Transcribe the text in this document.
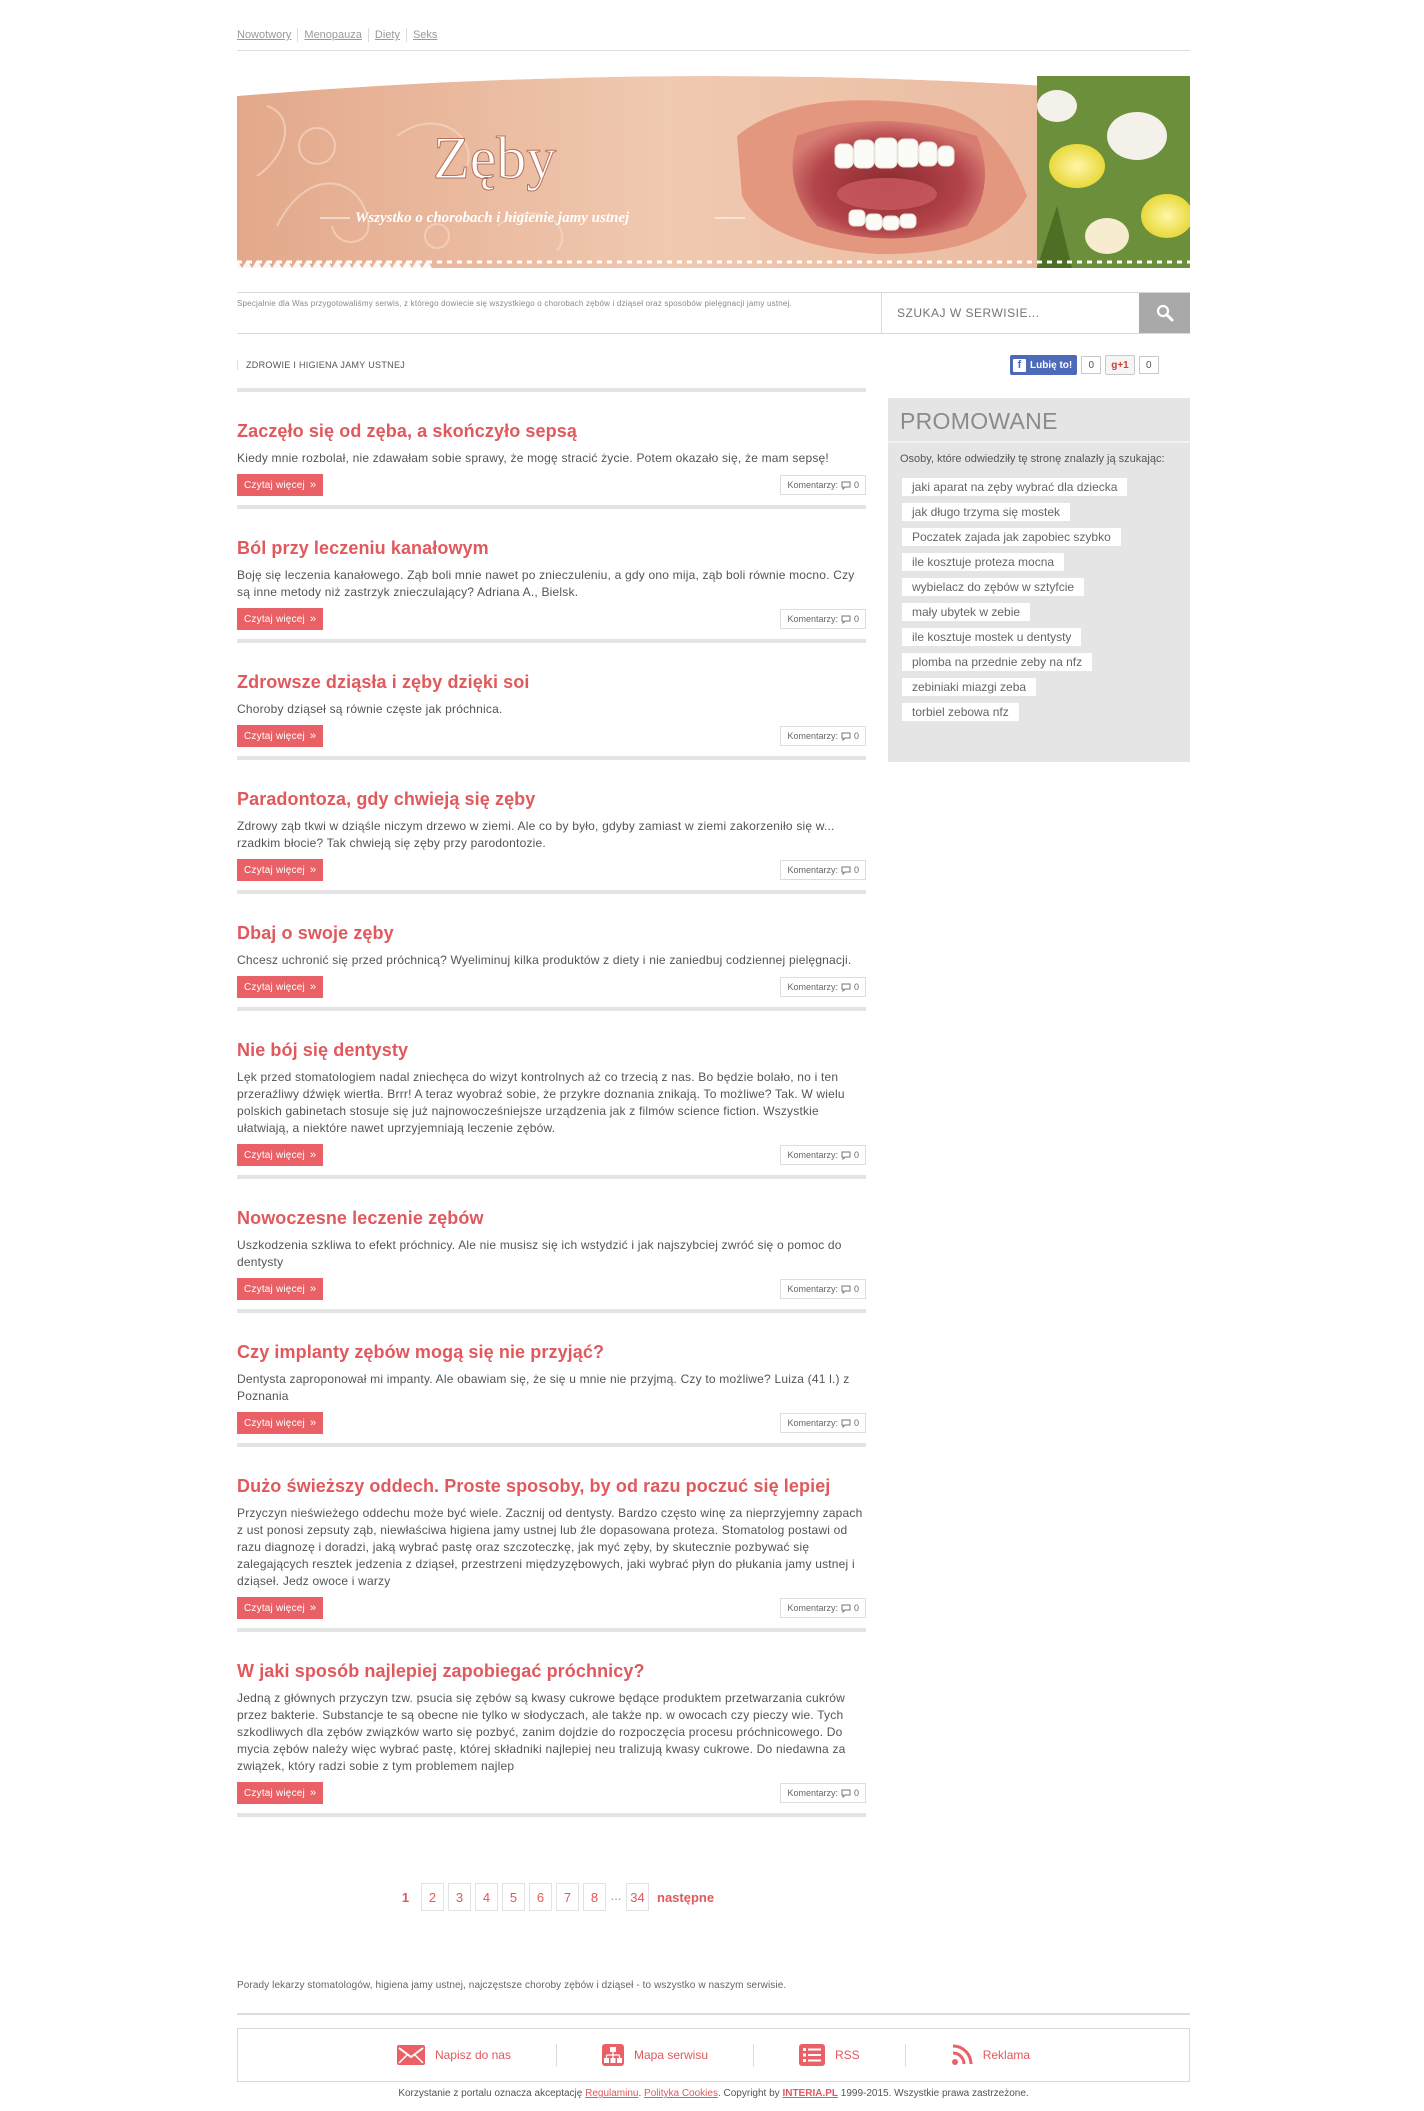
Nowotwory	Menopauza	Diety	Seks
Zęby
Wszystko o chorobach i higienie jamy ustnej
Specjalnie dla Was przygotowaliśmy serwis, z którego dowiecie się wszystkiego o chorobach zębów i dziąseł oraz sposobów pielęgnacji jamy ustnej.
SZUKAJ W SERWISIE...
ZDROWIE I HIGIENA JAMY USTNEJ	f Lubię to!	0	g +1	0
Zaczęło się od zęba, a skończyło sepsą
Kiedy mnie rozbolał, nie zdawałam sobie sprawy, że mogę stracić życie. Potem okazało się, że mam sepsę!
Czytaj więcej »	Komentarzy: 0
Ból przy leczeniu kanałowym
Boję się leczenia kanałowego. Ząb boli mnie nawet po znieczuleniu, a gdy ono mija, ząb boli równie mocno. Czy są inne metody niż zastrzyk znieczulający? Adriana A., Bielsk.
Czytaj więcej »	Komentarzy: 0
Zdrowsze dziąsła i zęby dzięki soi
Choroby dziąseł są równie częste jak próchnica.
Czytaj więcej »	Komentarzy: 0
Paradontoza, gdy chwieją się zęby
Zdrowy ząb tkwi w dziąśle niczym drzewo w ziemi. Ale co by było, gdyby zamiast w ziemi zakorzeniło się w... rzadkim błocie? Tak chwieją się zęby przy parodontozie.
Czytaj więcej »	Komentarzy: 0
Dbaj o swoje zęby
Chcesz uchronić się przed próchnicą? Wyeliminuj kilka produktów z diety i nie zaniedbuj codziennej pielęgnacji.
Czytaj więcej »	Komentarzy: 0
Nie bój się dentysty
Lęk przed stomatologiem nadal zniechęca do wizyt kontrolnych aż co trzecią z nas. Bo będzie bolało, no i ten przeraźliwy dźwięk wiertła. Brrr! A teraz wyobraź sobie, że przykre doznania znikają. To możliwe? Tak. W wielu polskich gabinetach stosuje się już najnowocześniejsze urządzenia jak z filmów science fiction. Wszystkie ułatwiają, a niektóre nawet uprzyjemniają leczenie zębów.
Czytaj więcej »	Komentarzy: 0
Nowoczesne leczenie zębów
Uszkodzenia szkliwa to efekt próchnicy. Ale nie musisz się ich wstydzić i jak najszybciej zwróć się o pomoc do dentysty
Czytaj więcej »	Komentarzy: 0
Czy implanty zębów mogą się nie przyjąć?
Dentysta zaproponował mi impanty. Ale obawiam się, że się u mnie nie przyjmą. Czy to możliwe? Luiza (41 l.) z Poznania
Czytaj więcej »	Komentarzy: 0
Dużo świeższy oddech. Proste sposoby, by od razu poczuć się lepiej
Przyczyn nieświeżego oddechu może być wiele. Zacznij od dentysty. Bardzo często winę za nieprzyjemny zapach z ust ponosi zepsuty ząb, niewłaściwa higiena jamy ustnej lub źle dopasowana proteza. Stomatolog postawi od razu diagnozę i doradzi, jaką wybrać pastę oraz szczoteczkę, jak myć zęby, by skutecznie pozbywać się zalegających resztek jedzenia z dziąseł, przestrzeni międzyzębowych, jaki wybrać płyn do płukania jamy ustnej i dziąseł. Jedz owoce i warzy
Czytaj więcej »	Komentarzy: 0
W jaki sposób najlepiej zapobiegać próchnicy?
Jedną z głównych przyczyn tzw. psucia się zębów są kwasy cukrowe będące produktem przetwarzania cukrów przez bakterie. Substancje te są obecne nie tylko w słodyczach, ale także np. w owocach czy pieczy wie. Tych szkodliwych dla zębów związków warto się pozbyć, zanim dojdzie do rozpoczęcia procesu próchnicowego. Do mycia zębów należy więc wybrać pastę, której składniki najlepiej neu tralizują kwasy cukrowe. Do niedawna za związek, który radzi sobie z tym problemem najlep
Czytaj więcej »	Komentarzy: 0
1	2	3	4	5	6	7	8 ... 34 następne
PROMOWANE
Osoby, które odwiedziły tę stronę znalazły ją szukając:
jaki aparat na zęby wybrać dla dziecka
jak długo trzyma się mostek
Poczatek zajada jak zapobiec szybko
ile kosztuje proteza mocna
wybielacz do zębów w sztyfcie
mały ubytek w zebie
ile kosztuje mostek u dentysty
plomba na przednie zeby na nfz
zebiniaki miazgi zeba
torbiel zebowa nfz
Porady lekarzy stomatologów, higiena jamy ustnej, najczęstsze choroby zębów i dziąseł - to wszystko w naszym serwisie.
Napisz do nas	Mapa serwisu	RSS	Reklama
Korzystanie z portalu oznacza akceptację Regulaminu. Polityka Cookies. Copyright by INTERIA.PL 1999-2015. Wszystkie prawa zastrzeżone.
